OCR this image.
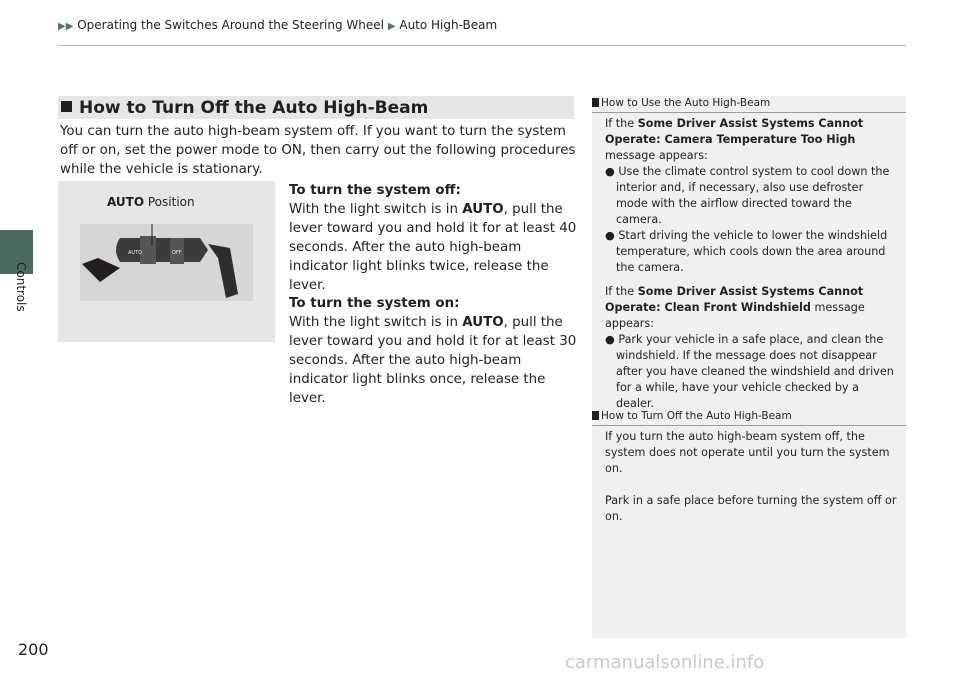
▶▶ Operating the Switches Around the Steering Wheel ▶ Auto High-Beam
Controls
How to Turn Off the Auto High-Beam
You can turn the auto high-beam system off. If you want to turn the system off or on, set the power mode to ON, then carry out the following procedures while the vehicle is stationary.
AUTO Position
AUTO	OFF
To turn the system off:
With the light switch is in AUTO, pull the lever toward you and hold it for at least 40 seconds. After the auto high-beam indicator light blinks twice, release the lever.
To turn the system on:
With the light switch is in AUTO, pull the lever toward you and hold it for at least 30 seconds. After the auto high-beam indicator light blinks once, release the lever.
How to Use the Auto High-Beam
If the Some Driver Assist Systems Cannot Operate: Camera Temperature Too High message appears:
● Use the climate control system to cool down the interior and, if necessary, also use defroster mode with the airflow directed toward the camera.
● Start driving the vehicle to lower the windshield temperature, which cools down the area around the camera.
If the Some Driver Assist Systems Cannot Operate: Clean Front Windshield message appears:
● Park your vehicle in a safe place, and clean the windshield. If the message does not disappear after you have cleaned the windshield and driven for a while, have your vehicle checked by a dealer.
How to Turn Off the Auto High-Beam
If you turn the auto high-beam system off, the system does not operate until you turn the system on.
Park in a safe place before turning the system off or on.
200
carmanualsonline.info
